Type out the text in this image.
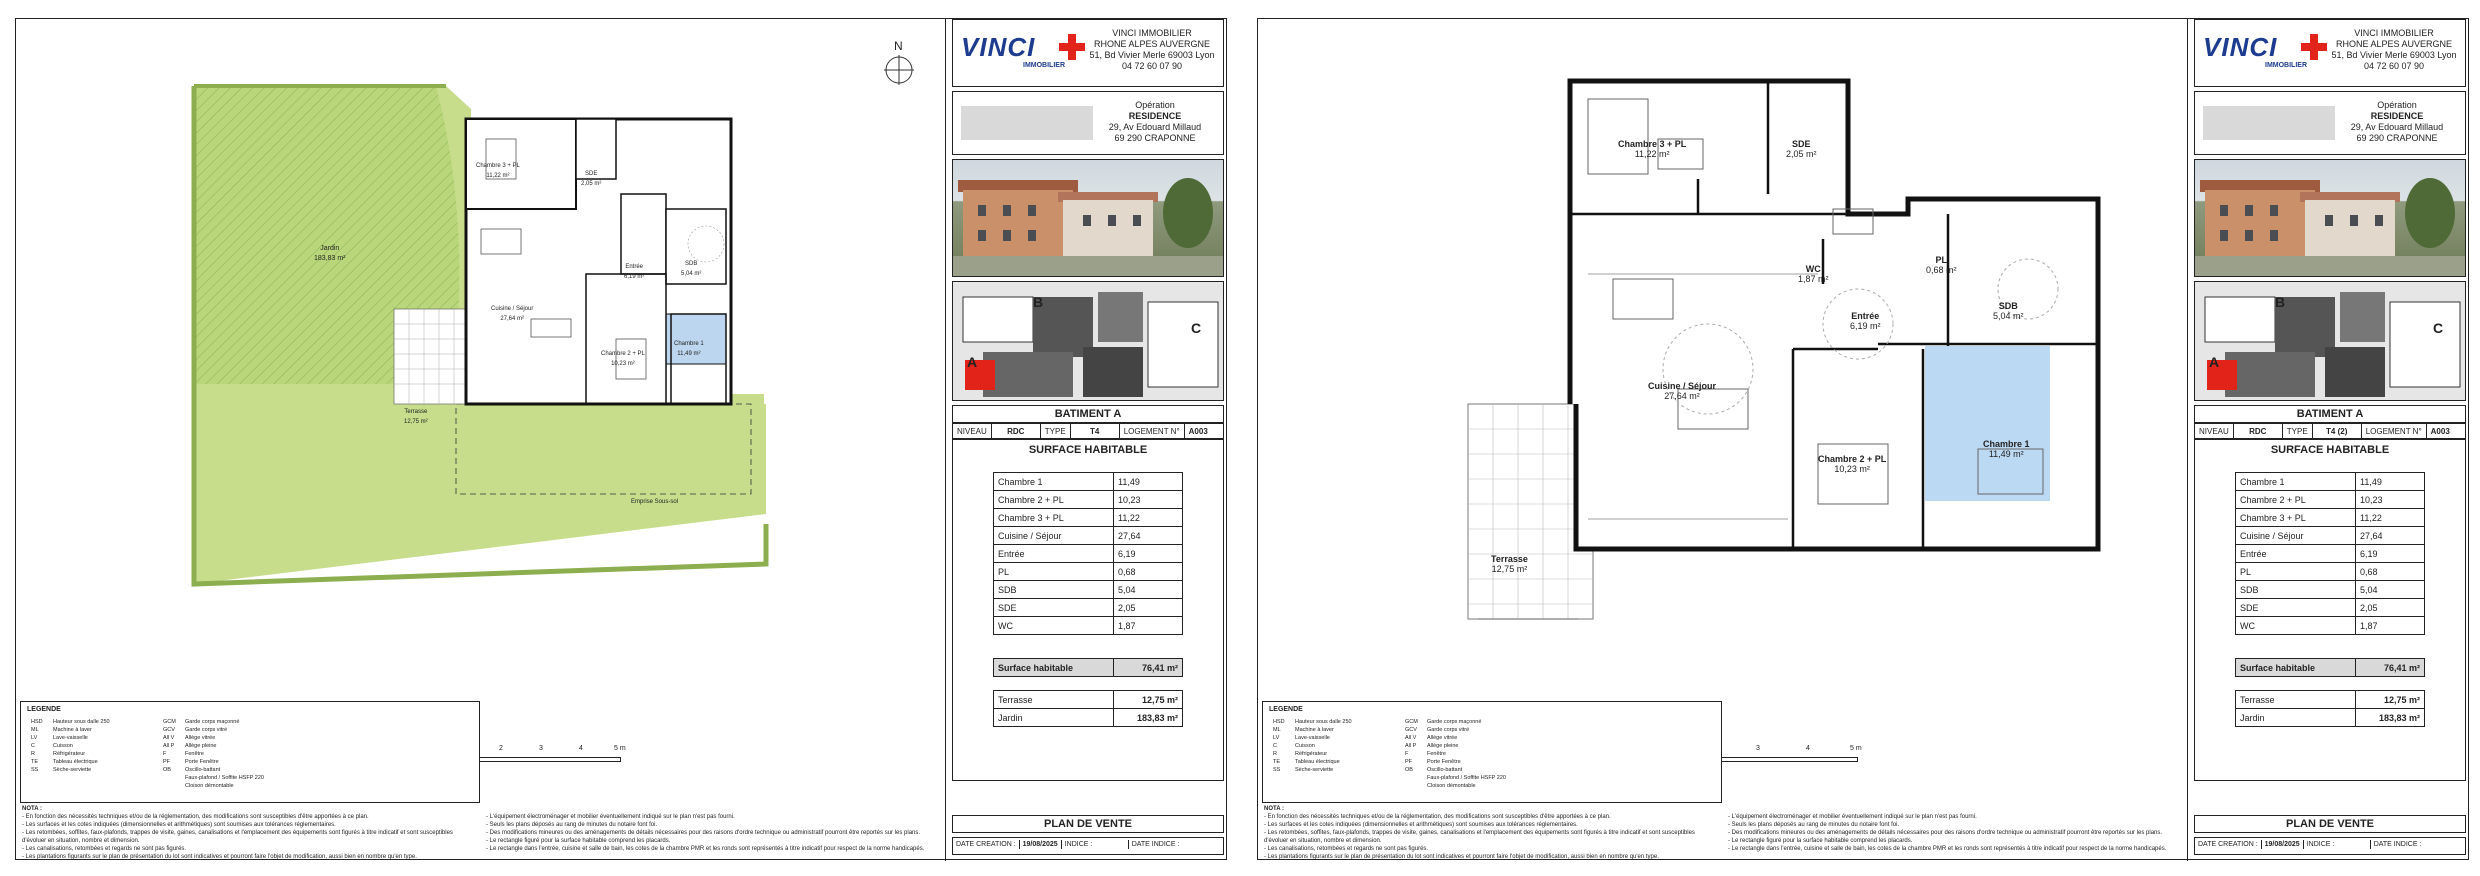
N
Jardin
183,83 m²
Terrasse
12,75 m²
Cuisine / Séjour
27,64 m²
Chambre 3 + PL
11,22 m²
Chambre 2 + PL
10,23 m²
Chambre 1
11,49 m²
Entrée
6,19 m²
SDB
5,04 m²
SDE
2,05 m²
Emprise Sous-sol
2	3	4	5 m
LEGENDE
HSD	Hauteur sous dalle 250	GCM	Garde corps maçonné
ML	Machine à laver	GCV	Garde corps vitré
LV	Lave-vaisselle	All V	Allège vitrée
C	Cuisson	All P	Allège pleine
R	Réfrigérateur	F	Fenêtre
TE	Tableau électrique	PF	Porte Fenêtre
SS	Sèche-serviette	OB	Oscillo-battant
Faux-plafond / Soffite HSFP 220
Cloison démontable
NOTA :
- En fonction des nécessités techniques et/ou de la réglementation, des modifications sont susceptibles d'être apportées à ce plan.
- Les surfaces et les cotes indiquées (dimensionnelles et arithmétiques) sont soumises aux tolérances réglementaires.
- Les retombées, soffites, faux-plafonds, trappes de visite, gaines, canalisations et l'emplacement des équipements sont figurés à titre indicatif et sont susceptibles d'évoluer en situation, nombre et dimension.
- Les canalisations, retombées et regards ne sont pas figurés.
- Les plantations figurants sur le plan de présentation du lot sont indicatives et pourront faire l'objet de modification, aussi bien en nombre qu'en type.
- L'équipement électroménager et mobilier éventuellement indiqué sur le plan n'est pas fourni.
- Seuls les plans déposés au rang de minutes du notaire font foi.
- Des modifications mineures ou des aménagements de détails nécessaires pour des raisons d'ordre technique ou administratif pourront être reportés sur les plans.
- Le rectangle figuré pour la surface habitable comprend les placards.
- Le rectangle dans l'entrée, cuisine et salle de bain, les cotes de la chambre PMR et les ronds sont représentés à titre indicatif pour respect de la norme handicapés.
VINCI
IMMOBILIER
VINCI IMMOBILIER
RHONE ALPES AUVERGNE
51, Bd Vivier Merle 69003 Lyon
04 72 60 07 90
Opération
RESIDENCE
29, Av Edouard Millaud
69 290 CRAPONNE
B
C
A
BATIMENT A
NIVEAU	RDC	TYPE	T4	LOGEMENT N°	A003
SURFACE HABITABLE
Chambre 1	11,49
Chambre 2 + PL	10,23
Chambre 3 + PL	11,22
Cuisine / Séjour	27,64
Entrée	6,19
PL	0,68
SDB	5,04
SDE	2,05
WC	1,87
Surface habitable	76,41 m²
Terrasse	12,75 m²
Jardin	183,83 m²
PLAN DE VENTE
DATE CREATION :	19/08/2025	INDICE :	DATE INDICE :
Chambre 3 + PL
11,22 m²
SDE
2,05 m²
WC
1,87 m²
PL
0,68 m²
Entrée
6,19 m²
SDB
5,04 m²
Cuisine / Séjour
27,64 m²
Chambre 2 + PL
10,23 m²
Chambre 1
11,49 m²
Terrasse
12,75 m²
3	4	5 m
LEGENDE
HSD	Hauteur sous dalle 250	GCM	Garde corps maçonné
ML	Machine à laver	GCV	Garde corps vitré
LV	Lave-vaisselle	All V	Allège vitrée
C	Cuisson	All P	Allège pleine
R	Réfrigérateur	F	Fenêtre
TE	Tableau électrique	PF	Porte Fenêtre
SS	Sèche-serviette	OB	Oscillo-battant
Faux-plafond / Soffite HSFP 220
Cloison démontable
NOTA :
- En fonction des nécessités techniques et/ou de la réglementation, des modifications sont susceptibles d'être apportées à ce plan.
- Les surfaces et les cotes indiquées (dimensionnelles et arithmétiques) sont soumises aux tolérances réglementaires.
- Les retombées, soffites, faux-plafonds, trappes de visite, gaines, canalisations et l'emplacement des équipements sont figurés à titre indicatif et sont susceptibles d'évoluer en situation, nombre et dimension.
- Les canalisations, retombées et regards ne sont pas figurés.
- Les plantations figurants sur le plan de présentation du lot sont indicatives et pourront faire l'objet de modification, aussi bien en nombre qu'en type.
- L'équipement électroménager et mobilier éventuellement indiqué sur le plan n'est pas fourni.
- Seuls les plans déposés au rang de minutes du notaire font foi.
- Des modifications mineures ou des aménagements de détails nécessaires pour des raisons d'ordre technique ou administratif pourront être reportés sur les plans.
- Le rectangle figuré pour la surface habitable comprend les placards.
- Le rectangle dans l'entrée, cuisine et salle de bain, les cotes de la chambre PMR et les ronds sont représentés à titre indicatif pour respect de la norme handicapés.
VINCI
IMMOBILIER
VINCI IMMOBILIER
RHONE ALPES AUVERGNE
51, Bd Vivier Merle 69003 Lyon
04 72 60 07 90
Opération
RESIDENCE
29, Av Edouard Millaud
69 290 CRAPONNE
B
C
A
BATIMENT A
NIVEAU	RDC	TYPE	T4 (2)	LOGEMENT N°	A003
SURFACE HABITABLE
Chambre 1	11,49
Chambre 2 + PL	10,23
Chambre 3 + PL	11,22
Cuisine / Séjour	27,64
Entrée	6,19
PL	0,68
SDB	5,04
SDE	2,05
WC	1,87
Surface habitable	76,41 m²
Terrasse	12,75 m²
Jardin	183,83 m²
PLAN DE VENTE
DATE CREATION :	19/08/2025	INDICE :	DATE INDICE :
